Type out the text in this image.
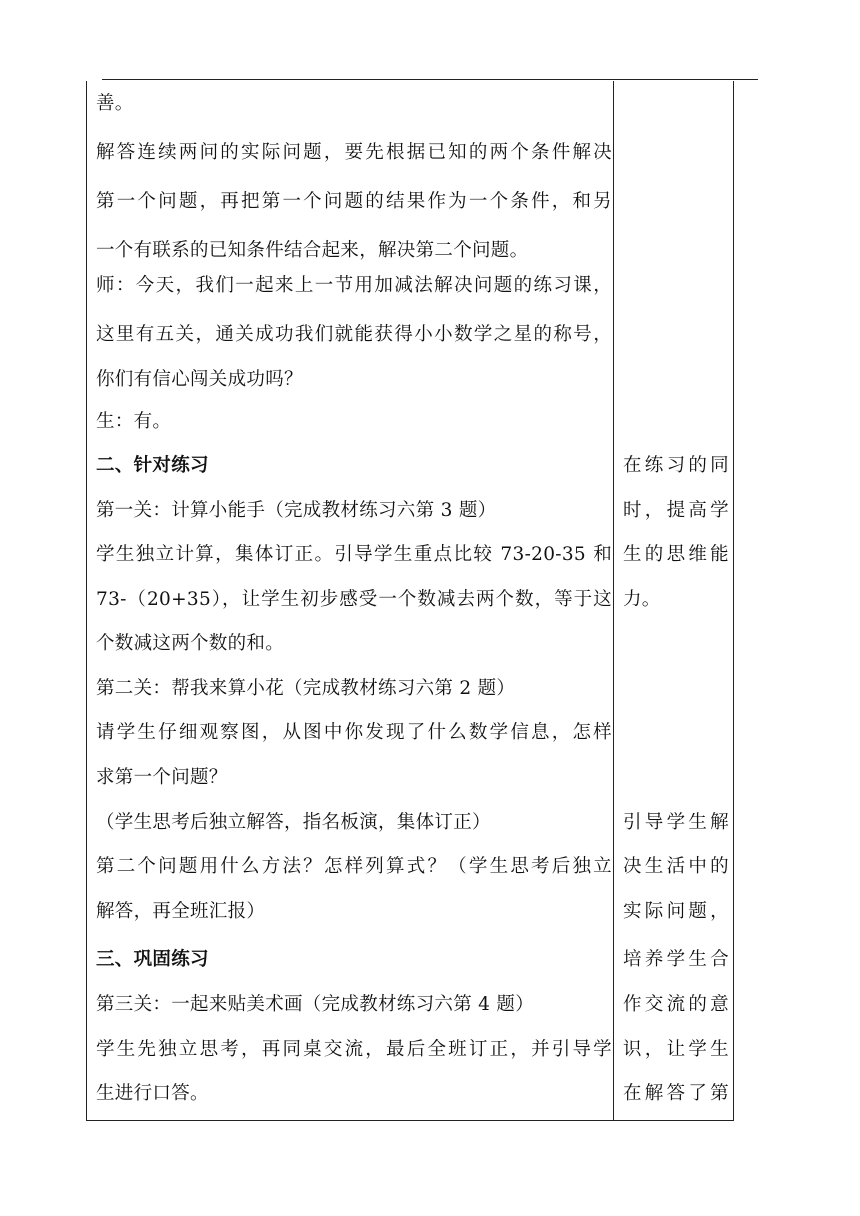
善。
解答连续两问的实际问题，要先根据已知的两个条件解决
第一个问题，再把第一个问题的结果作为一个条件，和另
一个有联系的已知条件结合起来，解决第二个问题。
师：今天，我们一起来上一节用加减法解决问题的练习课，
这里有五关，通关成功我们就能获得小小数学之星的称号，
你们有信心闯关成功吗？
生：有。
二、针对练习
第一关：计算小能手（完成教材练习六第 3 题）
学生独立计算，集体订正。引导学生重点比较 73-20-35 和
73-（20+35），让学生初步感受一个数减去两个数，等于这
个数减这两个数的和。
第二关：帮我来算小花（完成教材练习六第 2 题）
请学生仔细观察图，从图中你发现了什么数学信息，怎样
求第一个问题？
（学生思考后独立解答，指名板演，集体订正）
第二个问题用什么方法？怎样列算式？（学生思考后独立
解答，再全班汇报）
三、巩固练习
第三关：一起来贴美术画（完成教材练习六第 4 题）
学生先独立思考，再同桌交流，最后全班订正，并引导学
生进行口答。
在练习的同
时，提高学
生的思维能
力。
引导学生解
决生活中的
实际问题，
培养学生合
作交流的意
识，让学生
在解答了第
